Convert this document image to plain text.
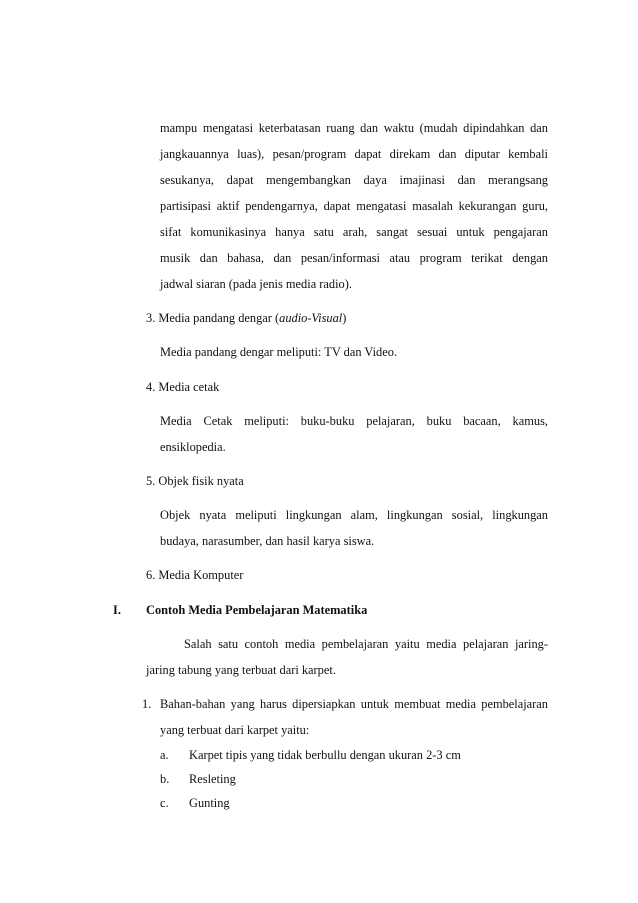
mampu mengatasi keterbatasan ruang dan waktu (mudah dipindahkan dan
jangkauannya luas), pesan/program dapat direkam dan diputar kembali
sesukanya, dapat mengembangkan daya imajinasi dan merangsang
partisipasi aktif pendengarnya, dapat mengatasi masalah kekurangan guru,
sifat komunikasinya hanya satu arah, sangat sesuai untuk pengajaran
musik dan bahasa, dan pesan/informasi atau program terikat dengan
jadwal siaran (pada jenis media radio).
3. Media pandang dengar (audio-Visual)
Media pandang dengar meliputi: TV dan Video.
4. Media cetak
Media Cetak meliputi: buku-buku pelajaran, buku bacaan, kamus,
ensiklopedia.
5. Objek fisik nyata
Objek nyata meliputi lingkungan alam, lingkungan sosial, lingkungan
budaya, narasumber, dan hasil karya siswa.
6. Media Komputer
I. Contoh Media Pembelajaran Matematika
Salah satu contoh media pembelajaran yaitu media pelajaran jaring-
jaring tabung yang terbuat dari karpet.
1. Bahan-bahan yang harus dipersiapkan untuk membuat media pembelajaran
yang terbuat dari karpet yaitu:
a. Karpet tipis yang tidak berbullu dengan ukuran 2-3 cm
b. Resleting
c. Gunting
